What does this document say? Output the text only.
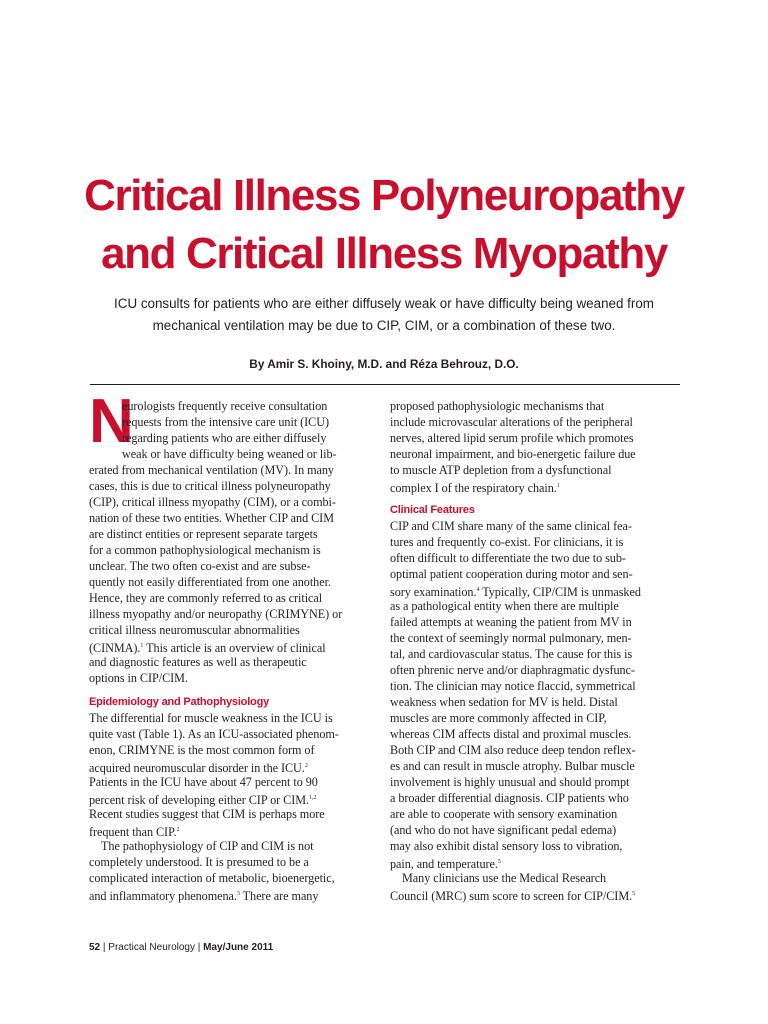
Critical Illness Polyneuropathy
and Critical Illness Myopathy
ICU consults for patients who are either diffusely weak or have difficulty being weaned from
mechanical ventilation may be due to CIP, CIM, or a combination of these two.
By Amir S. Khoiny, M.D. and Réza Behrouz, D.O.
N
eurologists frequently receive consultation
requests from the intensive care unit (ICU)
regarding patients who are either diffusely
weak or have difficulty being weaned or lib-
erated from mechanical ventilation (MV). In many
cases, this is due to critical illness polyneuropathy
(CIP), critical illness myopathy (CIM), or a combi-
nation of these two entities. Whether CIP and CIM
are distinct entities or represent separate targets
for a common pathophysiological mechanism is
unclear. The two often co-exist and are subse-
quently not easily differentiated from one another.
Hence, they are commonly referred to as critical
illness myopathy and/or neuropathy (CRIMYNE) or
critical illness neuromuscular abnormalities
(CINMA).$^1$ This article is an overview of clinical
and diagnostic features as well as therapeutic
options in CIP/CIM.
Epidemiology and Pathophysiology
The differential for muscle weakness in the ICU is
quite vast (Table 1). As an ICU-associated phenom-
enon, CRIMYNE is the most common form of
acquired neuromuscular disorder in the ICU.$^2$
Patients in the ICU have about 47 percent to 90
percent risk of developing either CIP or CIM.$^{1,2}$
Recent studies suggest that CIM is perhaps more
frequent than CIP.$^2$
The pathophysiology of CIP and CIM is not
completely understood. It is presumed to be a
complicated interaction of metabolic, bioenergetic,
and inflammatory phenomena.$^3$ There are many
proposed pathophysiologic mechanisms that
include microvascular alterations of the peripheral
nerves, altered lipid serum profile which promotes
neuronal impairment, and bio-energetic failure due
to muscle ATP depletion from a dysfunctional
complex I of the respiratory chain.$^1$
Clinical Features
CIP and CIM share many of the same clinical fea-
tures and frequently co-exist. For clinicians, it is
often difficult to differentiate the two due to sub-
optimal patient cooperation during motor and sen-
sory examination.$^4$ Typically, CIP/CIM is unmasked
as a pathological entity when there are multiple
failed attempts at weaning the patient from MV in
the context of seemingly normal pulmonary, men-
tal, and cardiovascular status. The cause for this is
often phrenic nerve and/or diaphragmatic dysfunc-
tion. The clinician may notice flaccid, symmetrical
weakness when sedation for MV is held. Distal
muscles are more commonly affected in CIP,
whereas CIM affects distal and proximal muscles.
Both CIP and CIM also reduce deep tendon reflex-
es and can result in muscle atrophy. Bulbar muscle
involvement is highly unusual and should prompt
a broader differential diagnosis. CIP patients who
are able to cooperate with sensory examination
(and who do not have significant pedal edema)
may also exhibit distal sensory loss to vibration,
pain, and temperature.$^5$
Many clinicians use the Medical Research
Council (MRC) sum score to screen for CIP/CIM.$^5$
52 | Practical Neurology | May/June 2011
